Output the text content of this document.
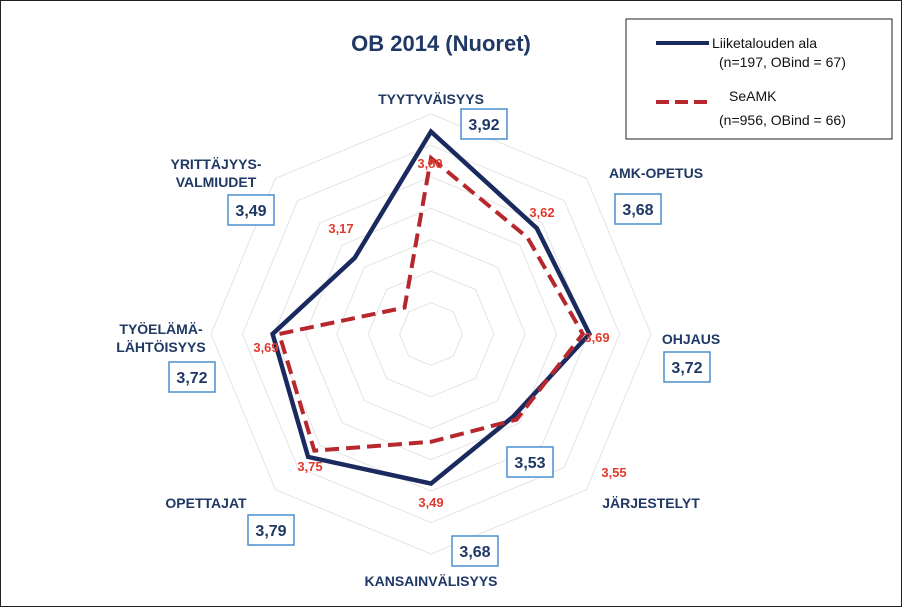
OB 2014 (Nuoret)
TYYTYVÄISYYS
AMK-OPETUS
OHJAUS
JÄRJESTELYT
KANSAINVÄLISYYS
OPETTAJAT
TYÖELÄMÄ-LÄHTÖISYYS
YRITTÄJYYS-VALMIUDET
3,92
3,68
3,72
3,53
3,68
3,79
3,72
3,49
3,80
3,62
3,69
3,55
3,49
3,75
3,69
3,17
Liiketalouden ala
(n=197, OBind = 67)
SeAMK
(n=956, OBind = 66)
